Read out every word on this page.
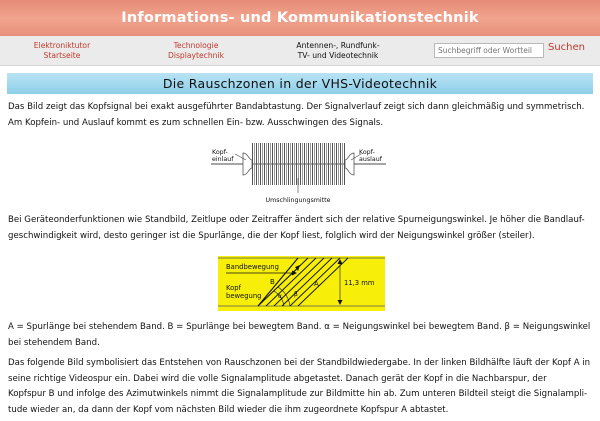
Informations- und Kommunikationstechnik
Elektroniktutor
Startseite
Technologie
Displaytechnik
Antennen-, Rundfunk-
TV- und Videotechnik
Suchbegriff oder Wortteil
Suchen
Die Rauschzonen in der VHS-Videotechnik
Das Bild zeigt das Kopfsignal bei exakt ausgeführter Bandabtastung. Der Signalverlauf zeigt sich dann gleichmäßig und symmetrisch.
Am Kopfein- und Auslauf kommt es zum schnellen Ein- bzw. Ausschwingen des Signals.
Kopf-
einlauf
Kopf-
auslauf
Umschlingungsmitte
Bei Geräteonderfunktionen wie Standbild, Zeitlupe oder Zeitraffer ändert sich der relative Spurneigungswinkel. Je höher die Bandlauf-
geschwindigkeit wird, desto geringer ist die Spurlänge, die der Kopf liest, folglich wird der Neigungswinkel größer (steiler).
Bandbewegung
Kopf
bewegung
B	A
α β
11,3 mm
A = Spurlänge bei stehendem Band. B = Spurlänge bei bewegtem Band. α = Neigungswinkel bei bewegtem Band. β = Neigungswinkel
bei stehendem Band.
Das folgende Bild symbolisiert das Entstehen von Rauschzonen bei der Standbildwiedergabe. In der linken Bildhälfte läuft der Kopf A in
seine richtige Videospur ein. Dabei wird die volle Signalamplitude abgetastet. Danach gerät der Kopf in die Nachbarspur, der
Kopfspur B und infolge des Azimutwinkels nimmt die Signalamplitude zur Bildmitte hin ab. Zum unteren Bildteil steigt die Signalampli-
tude wieder an, da dann der Kopf vom nächsten Bild wieder die ihm zugeordnete Kopfspur A abtastet.
